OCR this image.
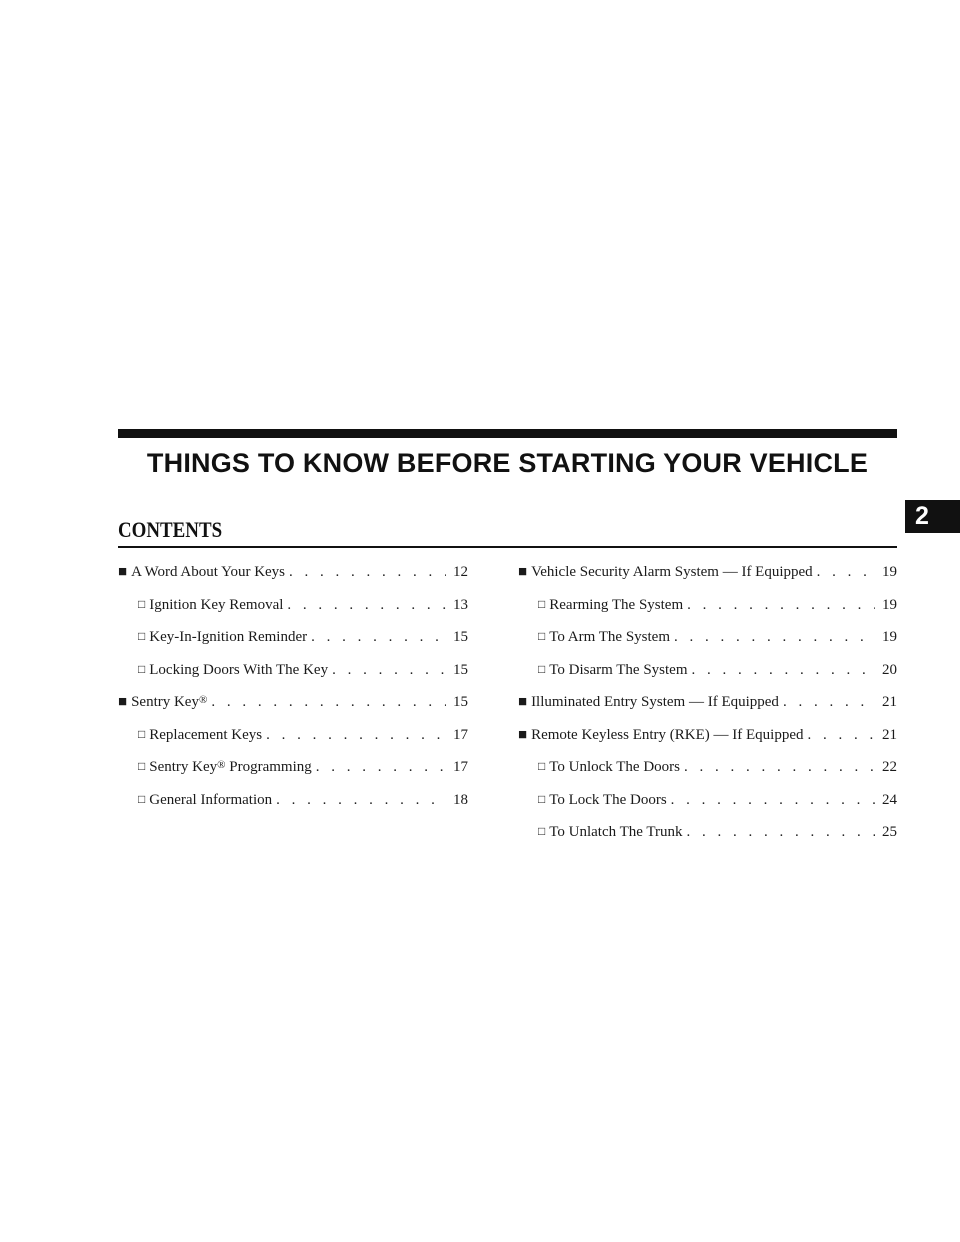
THINGS TO KNOW BEFORE STARTING YOUR VEHICLE
CONTENTS	2
■ A Word About Your Keys . . .	12
□ Ignition Key Removal . . .	13
□ Key-In-Ignition Reminder . . .	15
□ Locking Doors With The Key . . .	15
■ Sentry Key® . . .	15
□ Replacement Keys . . .	17
□ Sentry Key® Programming . . .	17
□ General Information . . .	18
■ Vehicle Security Alarm System — If Equipped . . .	19
□ Rearming The System . . .	19
□ To Arm The System . . .	19
□ To Disarm The System . . .	20
■ Illuminated Entry System — If Equipped . . .	21
■ Remote Keyless Entry (RKE) — If Equipped . . .	21
□ To Unlock The Doors . . .	22
□ To Lock The Doors . . .	24
□ To Unlatch The Trunk . . .	25
